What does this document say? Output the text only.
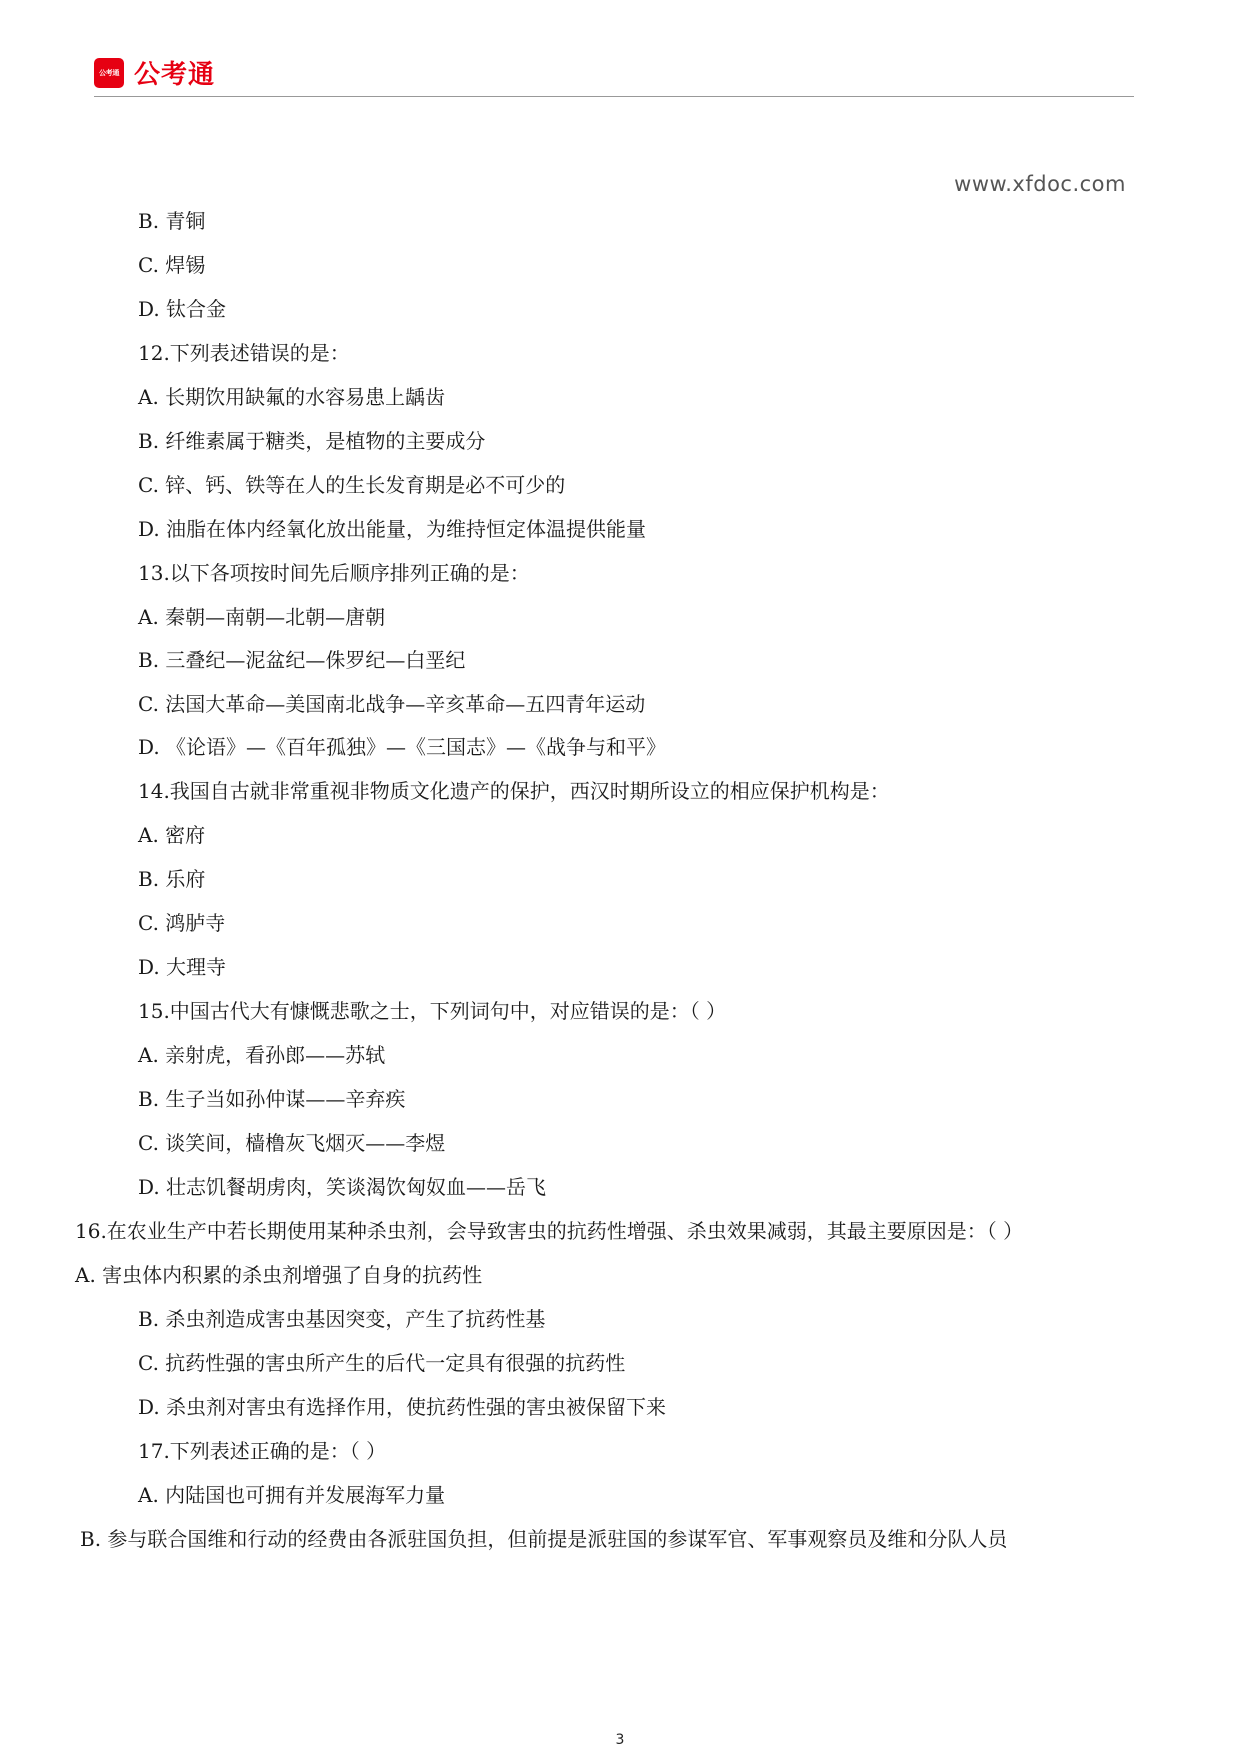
公考通 公考通
www.xfdoc.com
B. 青铜
C. 焊锡
D. 钛合金
12.下列表述错误的是：
A. 长期饮用缺氟的水容易患上龋齿
B. 纤维素属于糖类，是植物的主要成分
C. 锌、钙、铁等在人的生长发育期是必不可少的
D. 油脂在体内经氧化放出能量，为维持恒定体温提供能量
13.以下各项按时间先后顺序排列正确的是：
A. 秦朝—南朝—北朝—唐朝
B. 三叠纪—泥盆纪—侏罗纪—白垩纪
C. 法国大革命—美国南北战争—辛亥革命—五四青年运动
D. 《论语》—《百年孤独》—《三国志》—《战争与和平》
14.我国自古就非常重视非物质文化遗产的保护，西汉时期所设立的相应保护机构是：
A. 密府
B. 乐府
C. 鸿胪寺
D. 大理寺
15.中国古代大有慷慨悲歌之士，下列词句中，对应错误的是：（ ）
A. 亲射虎，看孙郎——苏轼
B. 生子当如孙仲谋——辛弃疾
C. 谈笑间，樯橹灰飞烟灭——李煜
D. 壮志饥餐胡虏肉，笑谈渴饮匈奴血——岳飞
16.在农业生产中若长期使用某种杀虫剂，会导致害虫的抗药性增强、杀虫效果减弱，其最主要原因是：（ ）
A. 害虫体内积累的杀虫剂增强了自身的抗药性
B. 杀虫剂造成害虫基因突变，产生了抗药性基
C. 抗药性强的害虫所产生的后代一定具有很强的抗药性
D. 杀虫剂对害虫有选择作用，使抗药性强的害虫被保留下来
17.下列表述正确的是：（ ）
A. 内陆国也可拥有并发展海军力量
B. 参与联合国维和行动的经费由各派驻国负担，但前提是派驻国的参谋军官、军事观察员及维和分队人员
3
